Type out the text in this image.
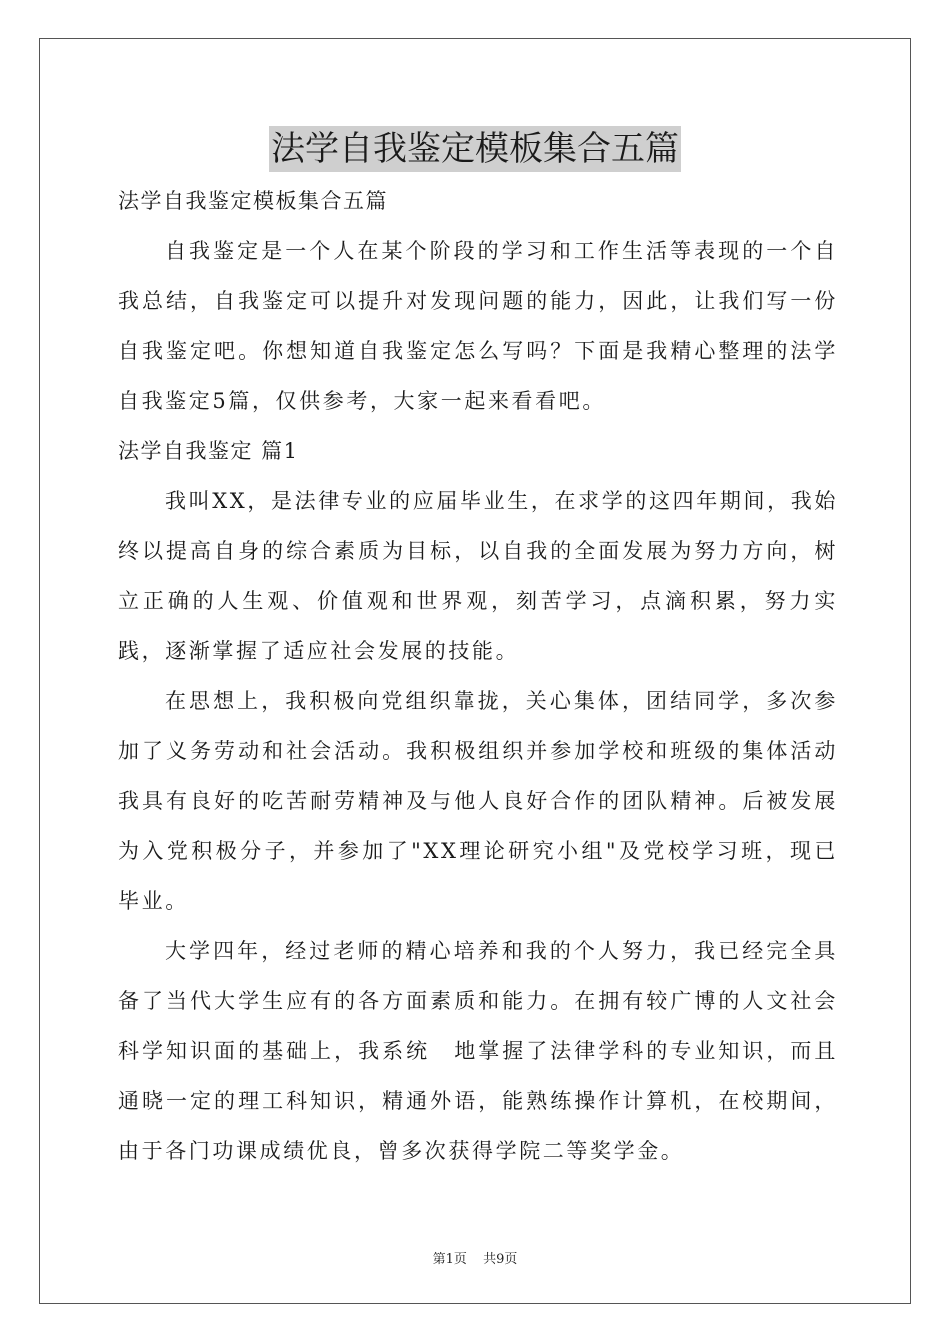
法学自我鉴定模板集合五篇
法学自我鉴定模板集合五篇

自我鉴定是一个人在某个阶段的学习和工作生活等表现的一个自我总结，自我鉴定可以提升对发现问题的能力，因此，让我们写一份自我鉴定吧。你想知道自我鉴定怎么写吗？下面是我精心整理的法学自我鉴定5篇，仅供参考，大家一起来看看吧。

法学自我鉴定 篇1

我叫XX，是法律专业的应届毕业生，在求学的这四年期间，我始终以提高自身的综合素质为目标，以自我的全面发展为努力方向，树立正确的人生观、价值观和世界观，刻苦学习，点滴积累，努力实践，逐渐掌握了适应社会发展的技能。

在思想上，我积极向党组织靠拢，关心集体，团结同学，多次参加了义务劳动和社会活动。我积极组织并参加学校和班级的集体活动我具有良好的吃苦耐劳精神及与他人良好合作的团队精神。后被发展为入党积极分子，并参加了"XX理论研究小组"及党校学习班，现已毕业。

大学四年，经过老师的精心培养和我的个人努力，我已经完全具备了当代大学生应有的各方面素质和能力。在拥有较广博的人文社会科学知识面的基础上，我系统　地掌握了法律学科的专业知识，而且通晓一定的理工科知识，精通外语，能熟练操作计算机，在校期间，由于各门功课成绩优良，曾多次获得学院二等奖学金。

第1页 共9页
